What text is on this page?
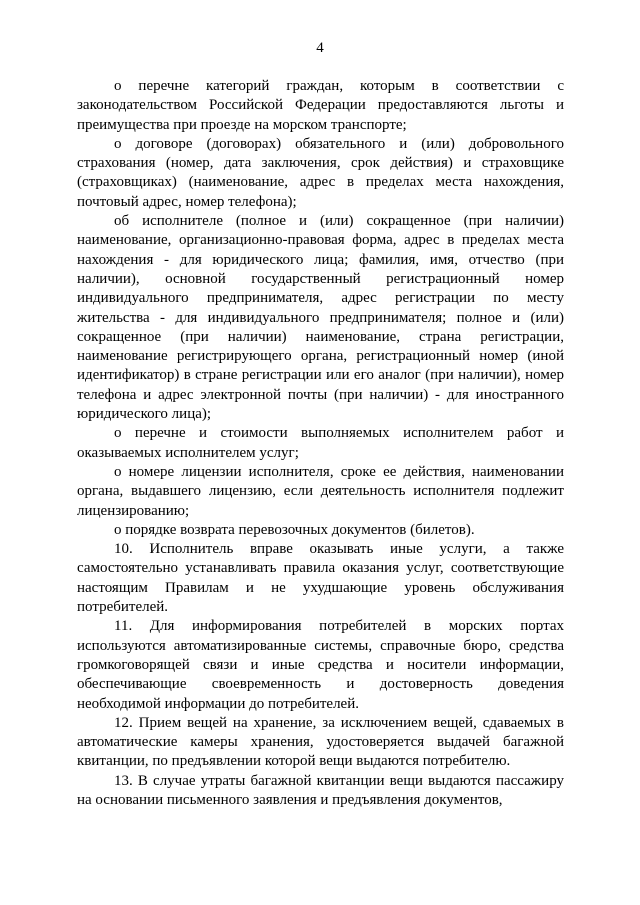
4

о перечне категорий граждан, которым в соответствии с законодательством Российской Федерации предоставляются льготы и преимущества при проезде на морском транспорте;

о договоре (договорах) обязательного и (или) добровольного страхования (номер, дата заключения, срок действия) и страховщике (страховщиках) (наименование, адрес в пределах места нахождения, почтовый адрес, номер телефона);

об исполнителе (полное и (или) сокращенное (при наличии) наименование, организационно-правовая форма, адрес в пределах места нахождения - для юридического лица; фамилия, имя, отчество (при наличии), основной государственный регистрационный номер индивидуального предпринимателя, адрес регистрации по месту жительства - для индивидуального предпринимателя; полное и (или) сокращенное (при наличии) наименование, страна регистрации, наименование регистрирующего органа, регистрационный номер (иной идентификатор) в стране регистрации или его аналог (при наличии), номер телефона и адрес электронной почты (при наличии) - для иностранного юридического лица);

о перечне и стоимости выполняемых исполнителем работ и оказываемых исполнителем услуг;

о номере лицензии исполнителя, сроке ее действия, наименовании органа, выдавшего лицензию, если деятельность исполнителя подлежит лицензированию;

о порядке возврата перевозочных документов (билетов).

10. Исполнитель вправе оказывать иные услуги, а также самостоятельно устанавливать правила оказания услуг, соответствующие настоящим Правилам и не ухудшающие уровень обслуживания потребителей.

11. Для информирования потребителей в морских портах используются автоматизированные системы, справочные бюро, средства громкоговорящей связи и иные средства и носители информации, обеспечивающие своевременность и достоверность доведения необходимой информации до потребителей.

12. Прием вещей на хранение, за исключением вещей, сдаваемых в автоматические камеры хранения, удостоверяется выдачей багажной квитанции, по предъявлении которой вещи выдаются потребителю.

13. В случае утраты багажной квитанции вещи выдаются пассажиру на основании письменного заявления и предъявления документов,
